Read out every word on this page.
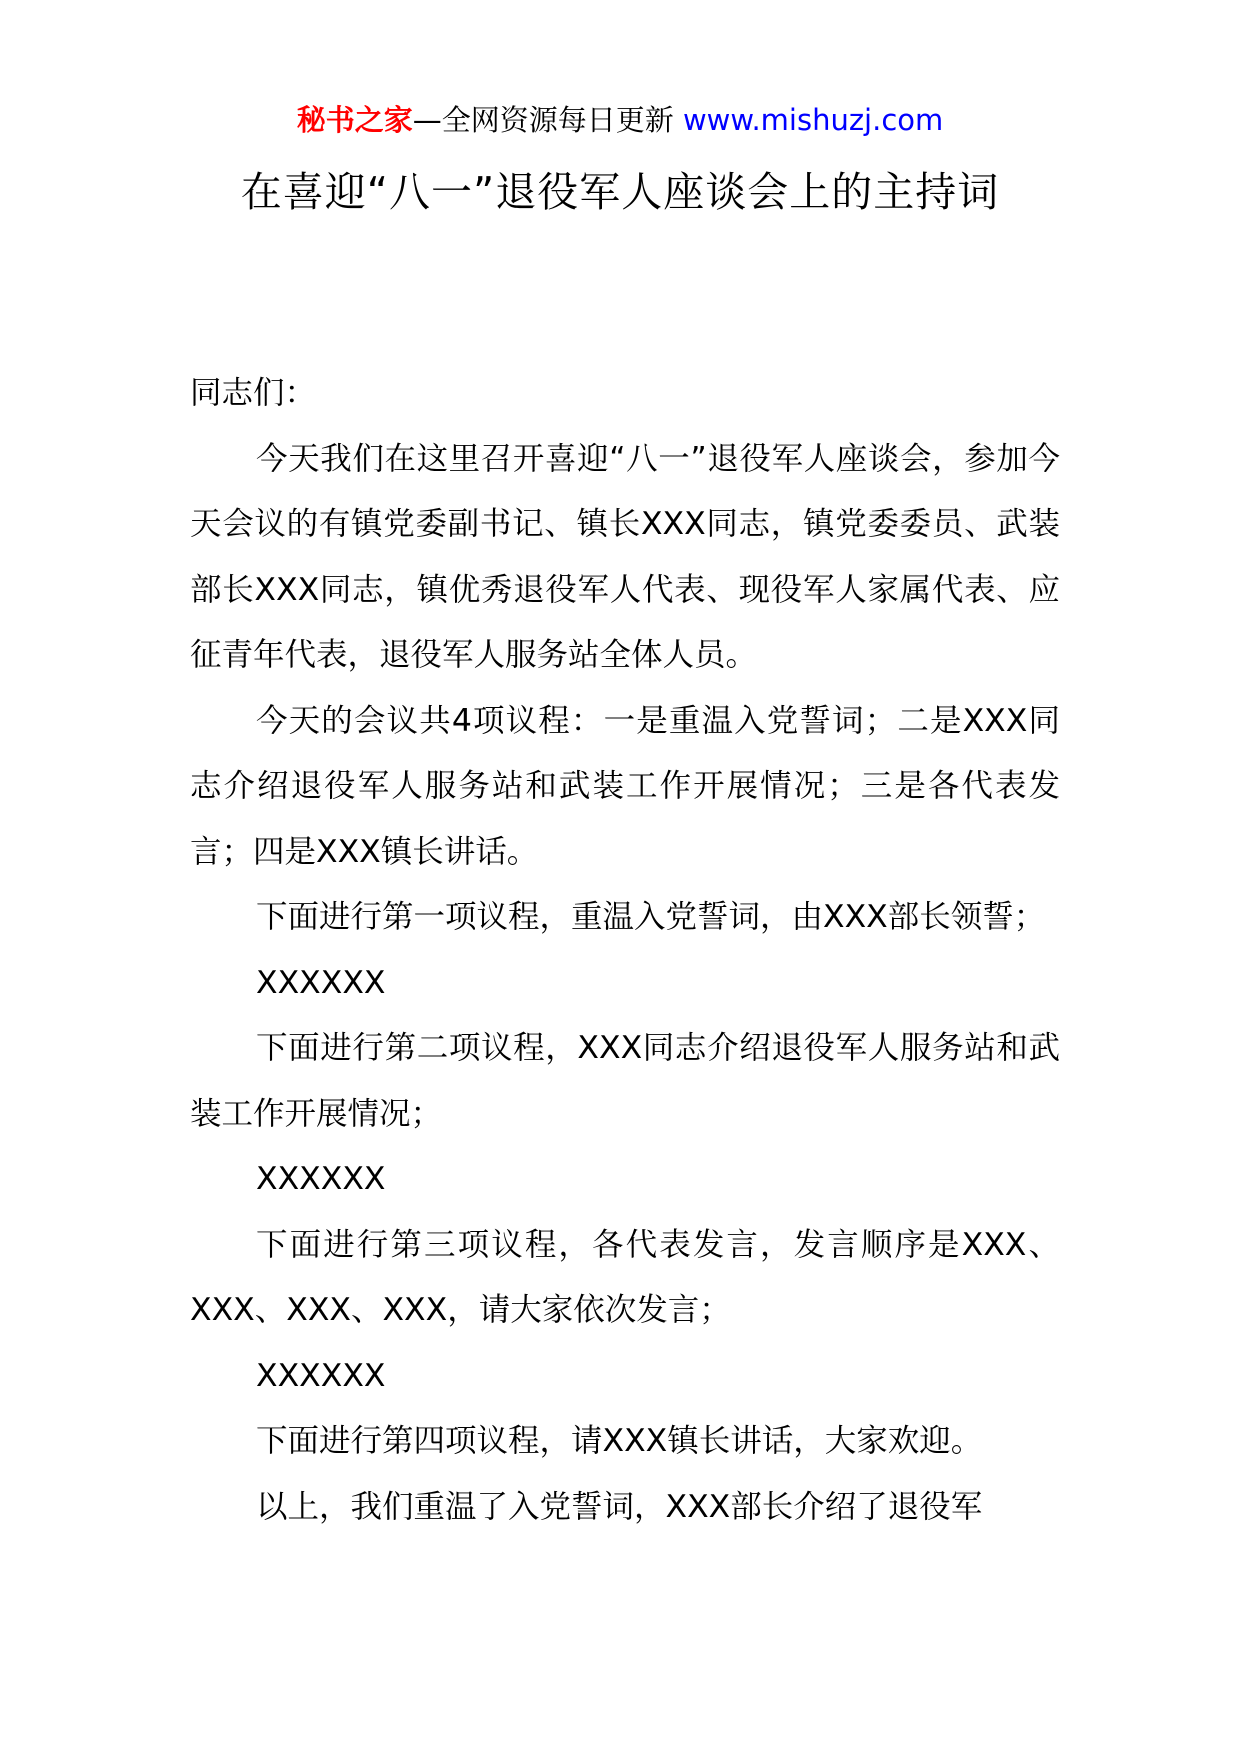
秘书之家—全网资源每日更新 www.mishuzj.com
在喜迎“八一”退役军人座谈会上的主持词

同志们：

今天我们在这里召开喜迎“八一”退役军人座谈会，参加今天会议的有镇党委副书记、镇长XXX同志，镇党委委员、武装部长XXX同志，镇优秀退役军人代表、现役军人家属代表、应征青年代表，退役军人服务站全体人员。

今天的会议共4项议程：一是重温入党誓词；二是XXX同志介绍退役军人服务站和武装工作开展情况；三是各代表发言；四是XXX镇长讲话。

下面进行第一项议程，重温入党誓词，由XXX部长领誓；

XXXXXX

下面进行第二项议程，XXX同志介绍退役军人服务站和武装工作开展情况；

XXXXXX

下面进行第三项议程，各代表发言，发言顺序是XXX、XXX、XXX、XXX，请大家依次发言；

XXXXXX

下面进行第四项议程，请XXX镇长讲话，大家欢迎。

以上，我们重温了入党誓词，XXX部长介绍了退役军
